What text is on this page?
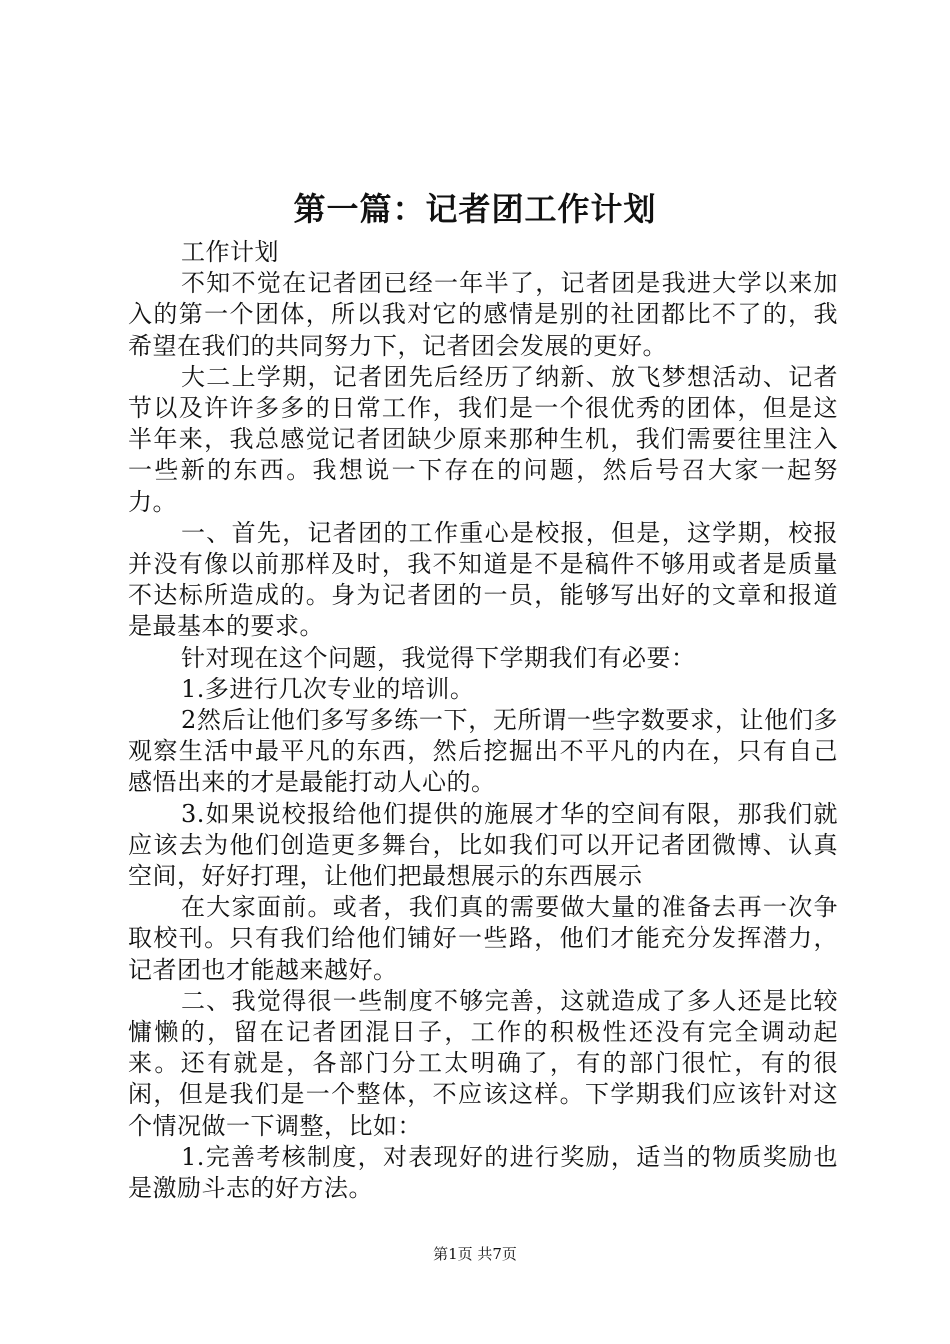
第一篇：记者团工作计划

工作计划

不知不觉在记者团已经一年半了，记者团是我进大学以来加入的第一个团体，所以我对它的感情是别的社团都比不了的，我希望在我们的共同努力下，记者团会发展的更好。

大二上学期，记者团先后经历了纳新、放飞梦想活动、记者节以及许许多多的日常工作，我们是一个很优秀的团体，但是这半年来，我总感觉记者团缺少原来那种生机，我们需要往里注入一些新的东西。我想说一下存在的问题，然后号召大家一起努力。

一、首先，记者团的工作重心是校报，但是，这学期，校报并没有像以前那样及时，我不知道是不是稿件不够用或者是质量不达标所造成的。身为记者团的一员，能够写出好的文章和报道是最基本的要求。

针对现在这个问题，我觉得下学期我们有必要：

1.多进行几次专业的培训。

2然后让他们多写多练一下，无所谓一些字数要求，让他们多观察生活中最平凡的东西，然后挖掘出不平凡的内在，只有自己感悟出来的才是最能打动人心的。

3.如果说校报给他们提供的施展才华的空间有限，那我们就应该去为他们创造更多舞台，比如我们可以开记者团微博、认真空间，好好打理，让他们把最想展示的东西展示

在大家面前。或者，我们真的需要做大量的准备去再一次争取校刊。只有我们给他们铺好一些路，他们才能充分发挥潜力，记者团也才能越来越好。

二、我觉得很一些制度不够完善，这就造成了多人还是比较慵懒的，留在记者团混日子，工作的积极性还没有完全调动起来。还有就是，各部门分工太明确了，有的部门很忙，有的很闲，但是我们是一个整体，不应该这样。下学期我们应该针对这个情况做一下调整，比如：

1.完善考核制度，对表现好的进行奖励，适当的物质奖励也是激励斗志的好方法。

第1页 共7页
